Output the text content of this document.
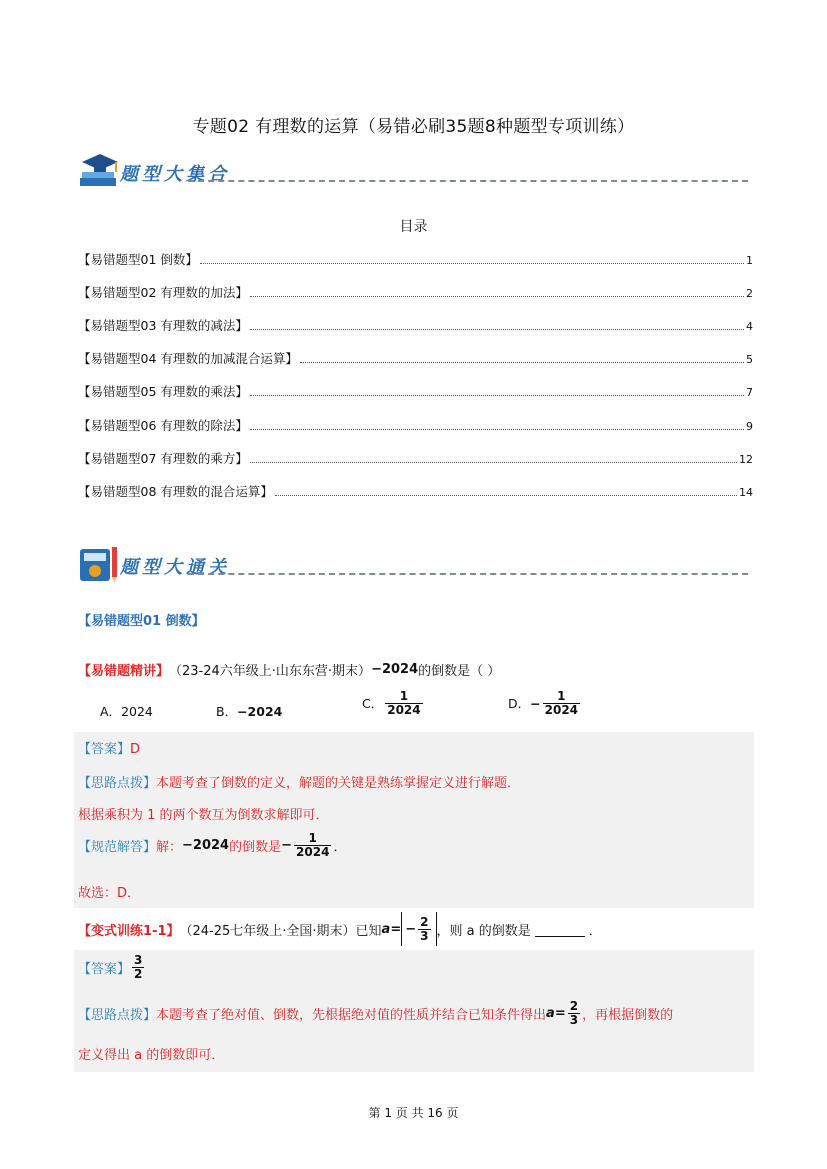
专题02 有理数的运算（易错必刷35题8种题型专项训练）
题型大集合
目录
【易错题型01 倒数】	1
【易错题型02 有理数的加法】	2
【易错题型03 有理数的减法】	4
【易错题型04 有理数的加减混合运算】	5
【易错题型05 有理数的乘法】	7
【易错题型06 有理数的除法】	9
【易错题型07 有理数的乘方】	12
【易错题型08 有理数的混合运算】	14
题型大通关
【易错题型01 倒数】
【易错题精讲】 （23-24六年级上·山东东营·期末） −2024 的倒数是（ ）
A． 2024	B． −2024	C． $\frac{1}{2024}$	D． − $\frac{1}{2024}$
【答案】D
【思路点拨】本题考查了倒数的定义，解题的关键是熟练掌握定义进行解题．
根据乘积为 1 的两个数互为倒数求解即可．
【规范解答】 解： −2024 的倒数是 − $\frac{1}{2024}$ ．
故选：D．
【变式训练1-1】 （24-25七年级上·全国·期末）已知 a = − $\frac{2}{3}$ ，则 a 的倒数是	．
【答案】 $\frac{3}{2}$
【思路点拨】 本题考查了绝对值、倒数，先根据绝对值的性质并结合已知条件得出 $a = \frac{2}{3}$ ，再根据倒数的
定义得出 a 的倒数即可．
第 1 页 共 16 页
